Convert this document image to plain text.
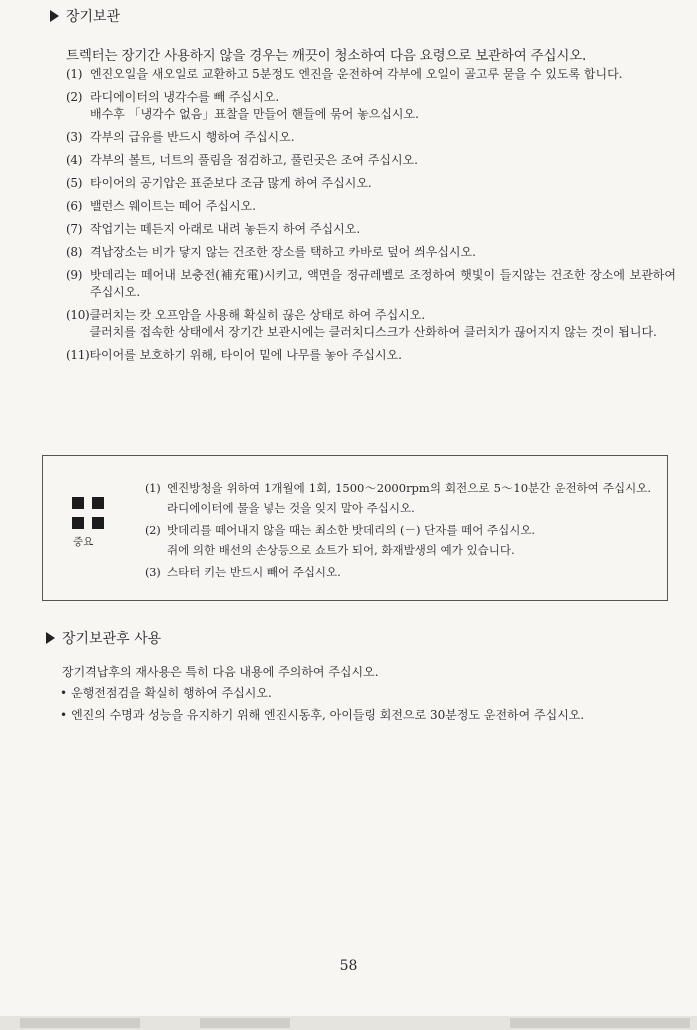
장기보관
트렉터는 장기간 사용하지 않을 경우는 깨끗이 청소하여 다음 요령으로 보관하여 주십시오.
(1) 엔진오일을 새오일로 교환하고 5분정도 엔진을 운전하여 각부에 오일이 골고루 묻을 수 있도록 합니다.
(2) 라디에이터의 냉각수를 빼 주십시오.
배수후 「냉각수 없음」표찰을 만들어 핸들에 묶어 놓으십시오.
(3) 각부의 급유를 반드시 행하여 주십시오.
(4) 각부의 볼트, 너트의 풀림을 점검하고, 풀린곳은 조여 주십시오.
(5) 타이어의 공기압은 표준보다 조금 많게 하여 주십시오.
(6) 밸런스 웨이트는 떼어 주십시오.
(7) 작업기는 떼든지 아래로 내려 놓든지 하여 주십시오.
(8) 격납장소는 비가 닿지 않는 건조한 장소를 택하고 카바로 덮어 씌우십시오.
(9) 밧데리는 떼어내 보충전(補充電)시키고, 액면을 정규레벨로 조정하여 햇빛이 들지않는 건조한 장소에 보관하여 주십시오.
(10) 클러치는 캇 오프암을 사용해 확실히 끊은 상태로 하여 주십시오.
클러치를 접속한 상태에서 장기간 보관시에는 클러치디스크가 산화하여 클러치가 끊어지지 않는 것이 됩니다.
(11) 타이어를 보호하기 위해, 타이어 밑에 나무를 놓아 주십시오.
중요
(1) 엔진방청을 위하여 1개월에 1회, 1500～2000rpm의 회전으로 5～10분간 운전하여 주십시오. 라디에이터에 물을 넣는 것을 잊지 말아 주십시오.
(2) 밧데리를 떼어내지 않을 때는 최소한 밧데리의 (－) 단자를 떼어 주십시오.
쥐에 의한 배선의 손상등으로 쇼트가 되어, 화재발생의 예가 있습니다.
(3) 스타터 키는 반드시 빼어 주십시오.
장기보관후 사용
장기격납후의 재사용은 특히 다음 내용에 주의하여 주십시오.
• 운행전점검을 확실히 행하여 주십시오.
• 엔진의 수명과 성능을 유지하기 위해 엔진시동후, 아이들링 회전으로 30분정도 운전하여 주십시오.
58
